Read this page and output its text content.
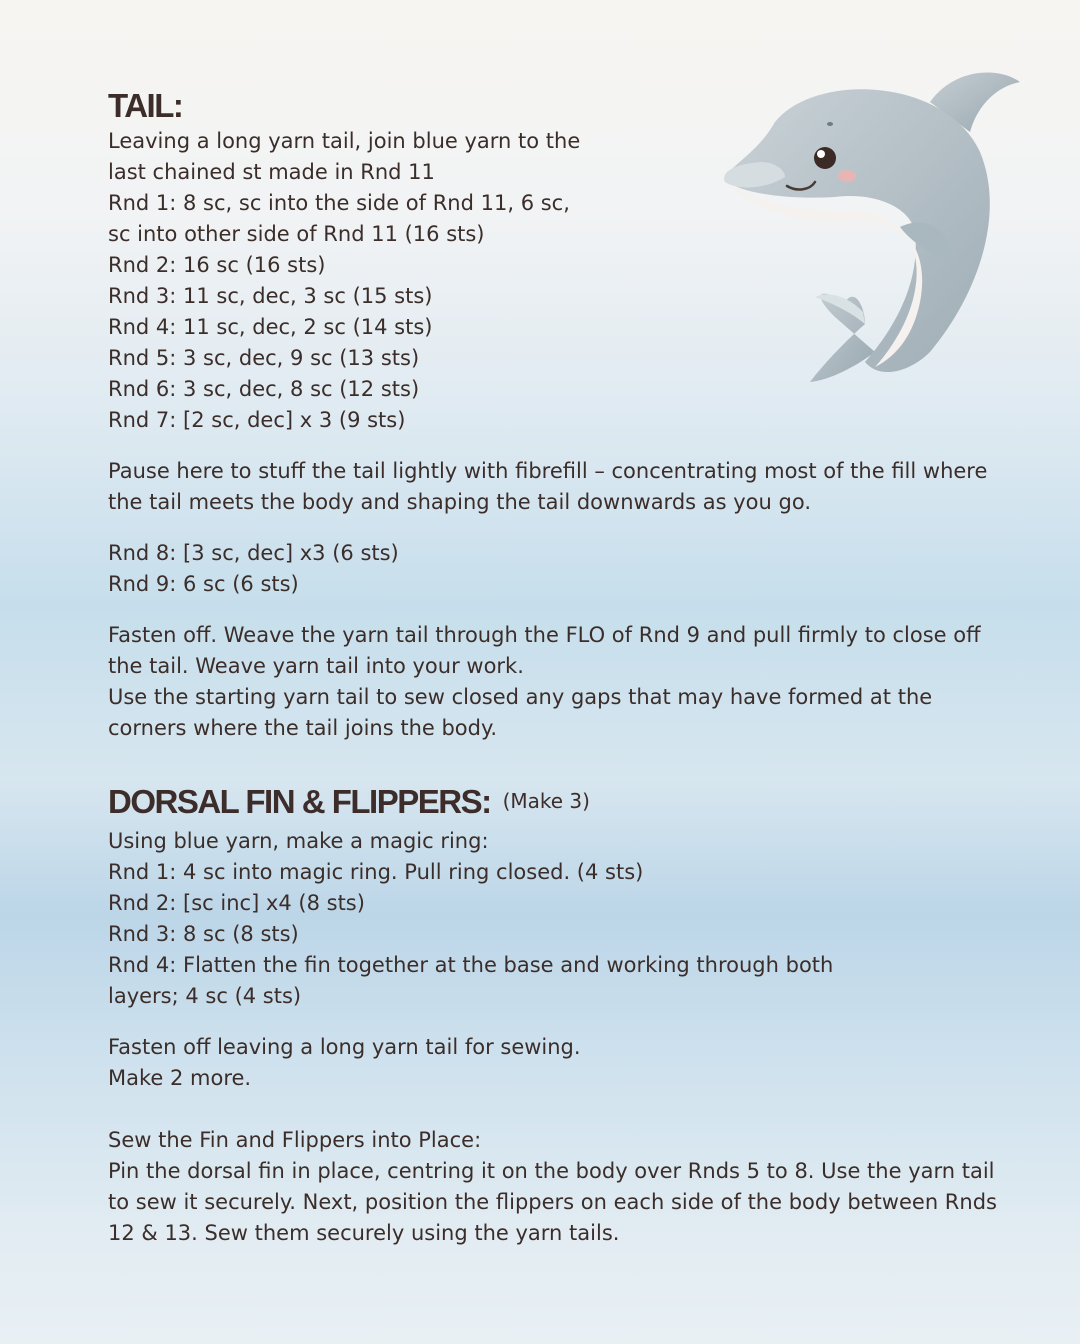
TAIL:

Leaving a long yarn tail, join blue yarn to the

last chained st made in Rnd 11

Rnd 1: 8 sc, sc into the side of Rnd 11, 6 sc,

sc into other side of Rnd 11 (16 sts)

Rnd 2: 16 sc (16 sts)

Rnd 3: 11 sc, dec, 3 sc (15 sts)

Rnd 4: 11 sc, dec, 2 sc (14 sts)

Rnd 5: 3 sc, dec, 9 sc (13 sts)

Rnd 6: 3 sc, dec, 8 sc (12 sts)

Rnd 7: [2 sc, dec] x 3 (9 sts)

Pause here to stuff the tail lightly with fibrefill – concentrating most of the fill where the tail meets the body and shaping the tail downwards as you go.

Rnd 8: [3 sc, dec] x3 (6 sts)

Rnd 9: 6 sc (6 sts)

Fasten off. Weave the yarn tail through the FLO of Rnd 9 and pull firmly to close off the tail. Weave yarn tail into your work.

Use the starting yarn tail to sew closed any gaps that may have formed at the corners where the tail joins the body.

DORSAL FIN & FLIPPERS: (Make 3)

Using blue yarn, make a magic ring:

Rnd 1: 4 sc into magic ring. Pull ring closed. (4 sts)

Rnd 2: [sc inc] x4 (8 sts)

Rnd 3: 8 sc (8 sts)

Rnd 4: Flatten the fin together at the base and working through both

layers; 4 sc (4 sts)

Fasten off leaving a long yarn tail for sewing.

Make 2 more.

Sew the Fin and Flippers into Place:

Pin the dorsal fin in place, centring it on the body over Rnds 5 to 8. Use the yarn tail to sew it securely. Next, position the flippers on each side of the body between Rnds 12 & 13. Sew them securely using the yarn tails.
